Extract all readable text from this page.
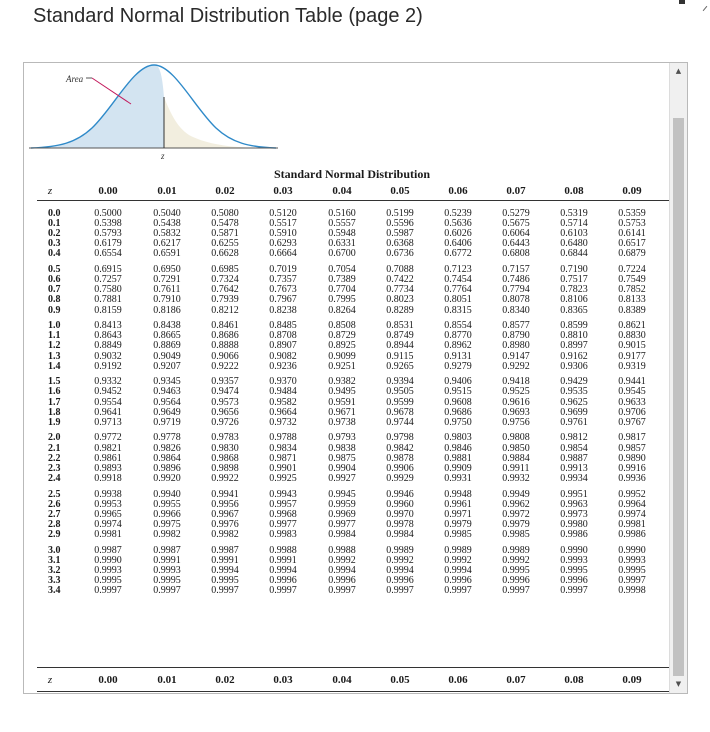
Standard Normal Distribution Table (page 2)
Area
z
Standard Normal Distribution
z	0.00	0.01	0.02	0.03	0.04	0.05	0.06	0.07	0.08	0.09
0.0	0.5000	0.5040	0.5080	0.5120	0.5160	0.5199	0.5239	0.5279	0.5319	0.5359
0.1	0.5398	0.5438	0.5478	0.5517	0.5557	0.5596	0.5636	0.5675	0.5714	0.5753
0.2	0.5793	0.5832	0.5871	0.5910	0.5948	0.5987	0.6026	0.6064	0.6103	0.6141
0.3	0.6179	0.6217	0.6255	0.6293	0.6331	0.6368	0.6406	0.6443	0.6480	0.6517
0.4	0.6554	0.6591	0.6628	0.6664	0.6700	0.6736	0.6772	0.6808	0.6844	0.6879
0.5	0.6915	0.6950	0.6985	0.7019	0.7054	0.7088	0.7123	0.7157	0.7190	0.7224
0.6	0.7257	0.7291	0.7324	0.7357	0.7389	0.7422	0.7454	0.7486	0.7517	0.7549
0.7	0.7580	0.7611	0.7642	0.7673	0.7704	0.7734	0.7764	0.7794	0.7823	0.7852
0.8	0.7881	0.7910	0.7939	0.7967	0.7995	0.8023	0.8051	0.8078	0.8106	0.8133
0.9	0.8159	0.8186	0.8212	0.8238	0.8264	0.8289	0.8315	0.8340	0.8365	0.8389
1.0	0.8413	0.8438	0.8461	0.8485	0.8508	0.8531	0.8554	0.8577	0.8599	0.8621
1.1	0.8643	0.8665	0.8686	0.8708	0.8729	0.8749	0.8770	0.8790	0.8810	0.8830
1.2	0.8849	0.8869	0.8888	0.8907	0.8925	0.8944	0.8962	0.8980	0.8997	0.9015
1.3	0.9032	0.9049	0.9066	0.9082	0.9099	0.9115	0.9131	0.9147	0.9162	0.9177
1.4	0.9192	0.9207	0.9222	0.9236	0.9251	0.9265	0.9279	0.9292	0.9306	0.9319
1.5	0.9332	0.9345	0.9357	0.9370	0.9382	0.9394	0.9406	0.9418	0.9429	0.9441
1.6	0.9452	0.9463	0.9474	0.9484	0.9495	0.9505	0.9515	0.9525	0.9535	0.9545
1.7	0.9554	0.9564	0.9573	0.9582	0.9591	0.9599	0.9608	0.9616	0.9625	0.9633
1.8	0.9641	0.9649	0.9656	0.9664	0.9671	0.9678	0.9686	0.9693	0.9699	0.9706
1.9	0.9713	0.9719	0.9726	0.9732	0.9738	0.9744	0.9750	0.9756	0.9761	0.9767
2.0	0.9772	0.9778	0.9783	0.9788	0.9793	0.9798	0.9803	0.9808	0.9812	0.9817
2.1	0.9821	0.9826	0.9830	0.9834	0.9838	0.9842	0.9846	0.9850	0.9854	0.9857
2.2	0.9861	0.9864	0.9868	0.9871	0.9875	0.9878	0.9881	0.9884	0.9887	0.9890
2.3	0.9893	0.9896	0.9898	0.9901	0.9904	0.9906	0.9909	0.9911	0.9913	0.9916
2.4	0.9918	0.9920	0.9922	0.9925	0.9927	0.9929	0.9931	0.9932	0.9934	0.9936
2.5	0.9938	0.9940	0.9941	0.9943	0.9945	0.9946	0.9948	0.9949	0.9951	0.9952
2.6	0.9953	0.9955	0.9956	0.9957	0.9959	0.9960	0.9961	0.9962	0.9963	0.9964
2.7	0.9965	0.9966	0.9967	0.9968	0.9969	0.9970	0.9971	0.9972	0.9973	0.9974
2.8	0.9974	0.9975	0.9976	0.9977	0.9977	0.9978	0.9979	0.9979	0.9980	0.9981
2.9	0.9981	0.9982	0.9982	0.9983	0.9984	0.9984	0.9985	0.9985	0.9986	0.9986
3.0	0.9987	0.9987	0.9987	0.9988	0.9988	0.9989	0.9989	0.9989	0.9990	0.9990
3.1	0.9990	0.9991	0.9991	0.9991	0.9992	0.9992	0.9992	0.9992	0.9993	0.9993
3.2	0.9993	0.9993	0.9994	0.9994	0.9994	0.9994	0.9994	0.9995	0.9995	0.9995
3.3	0.9995	0.9995	0.9995	0.9996	0.9996	0.9996	0.9996	0.9996	0.9996	0.9997
3.4	0.9997	0.9997	0.9997	0.9997	0.9997	0.9997	0.9997	0.9997	0.9997	0.9998
z	0.00	0.01	0.02	0.03	0.04	0.05	0.06	0.07	0.08	0.09
▲
▼
